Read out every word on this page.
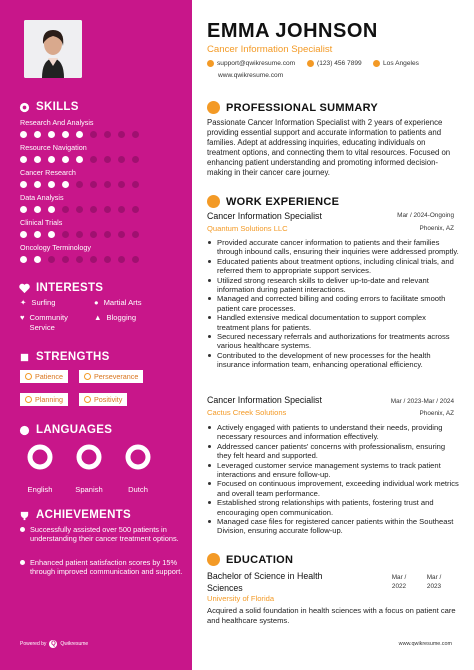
SKILLS
Research And Analysis
Resource Navigation
Cancer Research
Data Analysis
Clinical Trials
Oncology Terminology
INTERESTS
✦ Surfing	● Martial Arts
♥ Community Service
▲ Blogging
STRENGTHS
Patience	Perseverance
Planning	Positivity
LANGUAGES
English	Spanish	Dutch
ACHIEVEMENTS
Successfully assisted over 500 patients in understanding their cancer treatment options.
Enhanced patient satisfaction scores by 15% through improved communication and support.
Powered by Q Qwikresume
EMMA JOHNSON
Cancer Information Specialist
support@qwikresume.com	(123) 456 7899	Los Angeles
www.qwikresume.com
PROFESSIONAL SUMMARY
Passionate Cancer Information Specialist with 2 years of experience providing essential support and accurate information to patients and families. Adept at addressing inquiries, educating individuals on treatment options, and connecting them to vital resources. Focused on enhancing patient understanding and promoting informed decision-making in their cancer care journey.
WORK EXPERIENCE
Cancer Information Specialist	Mar / 2024-Ongoing
Quantum Solutions LLC	Phoenix, AZ
Provided accurate cancer information to patients and their families through inbound calls, ensuring their inquiries were addressed promptly.
Educated patients about treatment options, including clinical trials, and referred them to appropriate support services.
Utilized strong research skills to deliver up-to-date and relevant information during patient interactions.
Managed and corrected billing and coding errors to facilitate smooth patient care processes.
Handled extensive medical documentation to support complex treatment plans for patients.
Secured necessary referrals and authorizations for treatments across various healthcare systems.
Contributed to the development of new processes for the health insurance information team, enhancing operational efficiency.
Cancer Information Specialist	Mar / 2023-Mar / 2024
Cactus Creek Solutions	Phoenix, AZ
Actively engaged with patients to understand their needs, providing necessary resources and information effectively.
Addressed cancer patients' concerns with professionalism, ensuring they felt heard and supported.
Leveraged customer service management systems to track patient interactions and ensure follow-up.
Focused on continuous improvement, exceeding individual work metrics and overall team performance.
Established strong relationships with patients, fostering trust and encouraging open communication.
Managed case files for registered cancer patients within the Southeast Division, ensuring accurate follow-up.
EDUCATION
Bachelor of Science in Health Sciences
University of Florida
Mar / 2022
Mar / 2023
Acquired a solid foundation in health sciences with a focus on patient care and healthcare systems.
www.qwikresume.com
